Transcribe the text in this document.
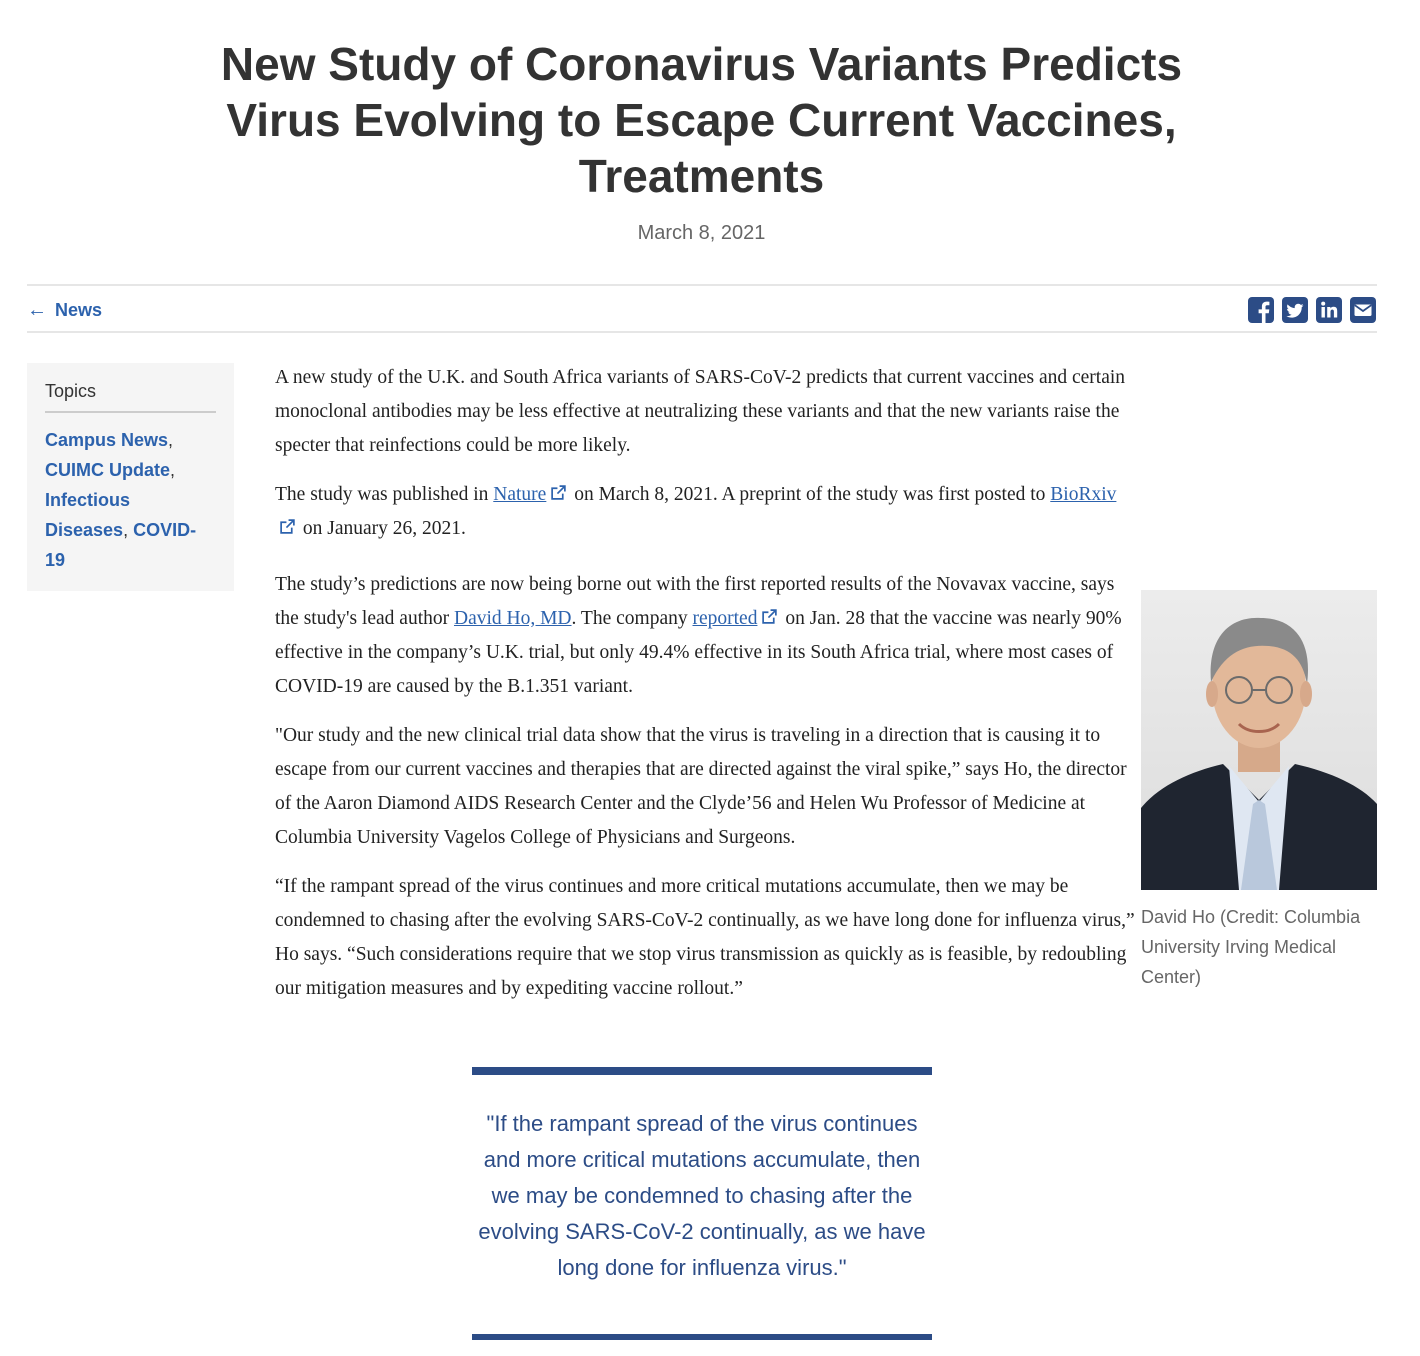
New Study of Coronavirus Variants Predicts Virus Evolving to Escape Current Vaccines, Treatments
March 8, 2021
← News
Topics
Campus News, CUIMC Update, Infectious Diseases, COVID-19

A new study of the U.K. and South Africa variants of SARS-CoV-2 predicts that current vaccines and certain monoclonal antibodies may be less effective at neutralizing these variants and that the new variants raise the specter that reinfections could be more likely.

The study was published in Nature on March 8, 2021. A preprint of the study was first posted to BioRxiv on January 26, 2021.

The study’s predictions are now being borne out with the first reported results of the Novavax vaccine, says the study's lead author David Ho, MD. The company reported on Jan. 28 that the vaccine was nearly 90% effective in the company’s U.K. trial, but only 49.4% effective in its South Africa trial, where most cases of COVID-19 are caused by the B.1.351 variant.

"Our study and the new clinical trial data show that the virus is traveling in a direction that is causing it to escape from our current vaccines and therapies that are directed against the viral spike,” says Ho, the director of the Aaron Diamond AIDS Research Center and the Clyde’56 and Helen Wu Professor of Medicine at Columbia University Vagelos College of Physicians and Surgeons.

“If the rampant spread of the virus continues and more critical mutations accumulate, then we may be condemned to chasing after the evolving SARS-CoV-2 continually, as we have long done for influenza virus,” Ho says. “Such considerations require that we stop virus transmission as quickly as is feasible, by redoubling our mitigation measures and by expediting vaccine rollout.”

David Ho (Credit: Columbia University Irving Medical Center)
"If the rampant spread of the virus continues and more critical mutations accumulate, then we may be condemned to chasing after the evolving SARS-CoV-2 continually, as we have long done for influenza virus."
